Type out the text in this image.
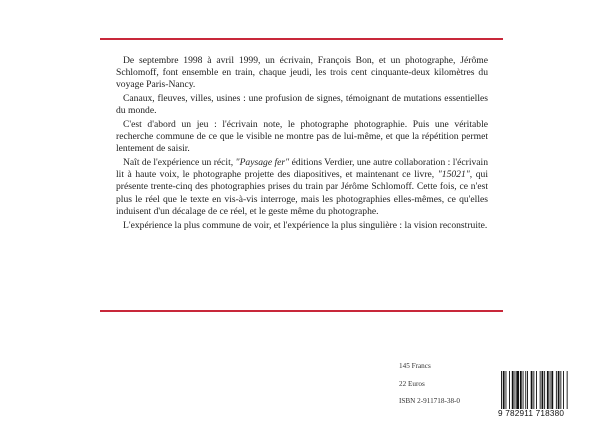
De septembre 1998 à avril 1999, un écrivain, François Bon, et un photographe, Jérôme Schlomoff, font ensemble en train, chaque jeudi, les trois cent cinquante-deux kilomètres du voyage Paris-Nancy.

Canaux, fleuves, villes, usines : une profusion de signes, témoignant de mutations essentielles du monde.

C'est d'abord un jeu : l'écrivain note, le photographe photographie. Puis une véritable recherche commune de ce que le visible ne montre pas de lui-même, et que la répétition permet lentement de saisir.

Naît de l'expérience un récit, "Paysage fer" éditions Verdier, une autre collaboration : l'écrivain lit à haute voix, le photographe projette des diapositives, et maintenant ce livre, "15021", qui présente trente-cinq des photographies prises du train par Jérôme Schlomoff. Cette fois, ce n'est plus le réel que le texte en vis-à-vis interroge, mais les photographies elles-mêmes, ce qu'elles induisent d'un décalage de ce réel, et le geste même du photographe.

L'expérience la plus commune de voir, et l'expérience la plus singulière : la vision reconstruite.

145 Francs
22 Euros
ISBN 2-911718-38-0
9 782911 718380
